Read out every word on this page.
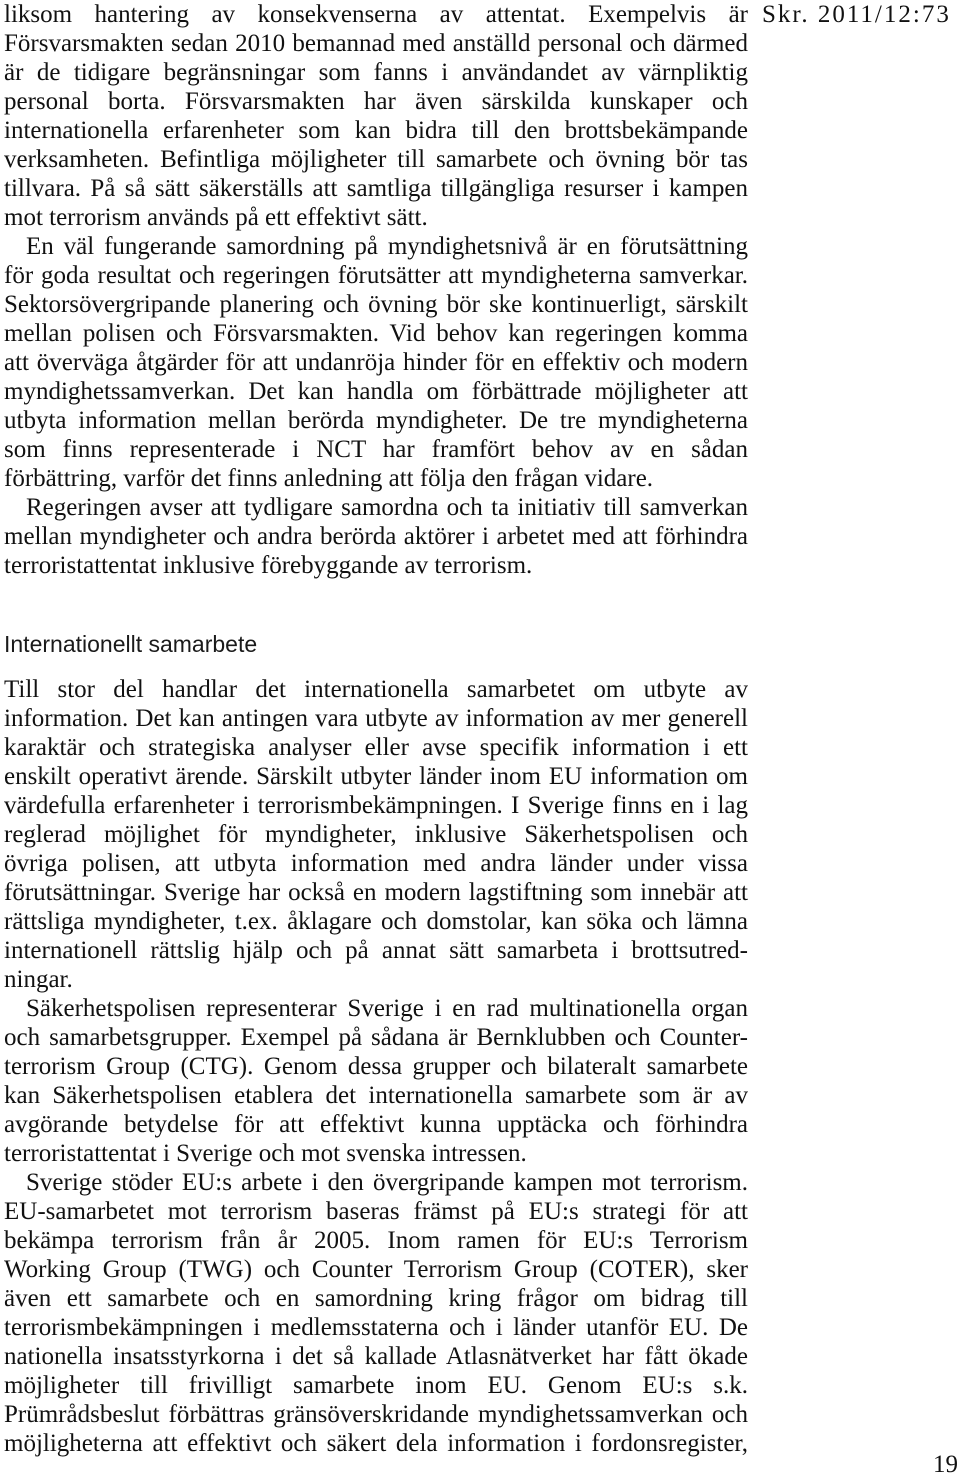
Skr. 2011/12:73
liksom hantering av konsekvenserna av attentat. Exempelvis är
Försvarsmakten sedan 2010 bemannad med anställd personal och därmed
är de tidigare begränsningar som fanns i användandet av värnpliktig
personal borta. Försvarsmakten har även särskilda kunskaper och
internationella erfarenheter som kan bidra till den brottsbekämpande
verksamheten. Befintliga möjligheter till samarbete och övning bör tas
tillvara. På så sätt säkerställs att samtliga tillgängliga resurser i kampen
mot terrorism används på ett effektivt sätt.
En väl fungerande samordning på myndighetsnivå är en förutsättning
för goda resultat och regeringen förutsätter att myndigheterna samverkar.
Sektorsövergripande planering och övning bör ske kontinuerligt, särskilt
mellan polisen och Försvarsmakten. Vid behov kan regeringen komma
att överväga åtgärder för att undanröja hinder för en effektiv och modern
myndighetssamverkan. Det kan handla om förbättrade möjligheter att
utbyta information mellan berörda myndigheter. De tre myndigheterna
som finns representerade i NCT har framfört behov av en sådan
förbättring, varför det finns anledning att följa den frågan vidare.
Regeringen avser att tydligare samordna och ta initiativ till samverkan
mellan myndigheter och andra berörda aktörer i arbetet med att förhindra
terroristattentat inklusive förebyggande av terrorism.
Internationellt samarbete
Till stor del handlar det internationella samarbetet om utbyte av
information. Det kan antingen vara utbyte av information av mer generell
karaktär och strategiska analyser eller avse specifik information i ett
enskilt operativt ärende. Särskilt utbyter länder inom EU information om
värdefulla erfarenheter i terrorismbekämpningen. I Sverige finns en i lag
reglerad möjlighet för myndigheter, inklusive Säkerhetspolisen och
övriga polisen, att utbyta information med andra länder under vissa
förutsättningar. Sverige har också en modern lagstiftning som innebär att
rättsliga myndigheter, t.ex. åklagare och domstolar, kan söka och lämna
internationell rättslig hjälp och på annat sätt samarbeta i brottsutred-
ningar.
Säkerhetspolisen representerar Sverige i en rad multinationella organ
och samarbetsgrupper. Exempel på sådana är Bernklubben och Counter-
terrorism Group (CTG). Genom dessa grupper och bilateralt samarbete
kan Säkerhetspolisen etablera det internationella samarbete som är av
avgörande betydelse för att effektivt kunna upptäcka och förhindra
terroristattentat i Sverige och mot svenska intressen.
Sverige stöder EU:s arbete i den övergripande kampen mot terrorism.
EU-samarbetet mot terrorism baseras främst på EU:s strategi för att
bekämpa terrorism från år 2005. Inom ramen för EU:s Terrorism
Working Group (TWG) och Counter Terrorism Group (COTER), sker
även ett samarbete och en samordning kring frågor om bidrag till
terrorismbekämpningen i medlemsstaterna och i länder utanför EU. De
nationella insatsstyrkorna i det så kallade Atlasnätverket har fått ökade
möjligheter till frivilligt samarbete inom EU. Genom EU:s s.k.
Prümrådsbeslut förbättras gränsöverskridande myndighetssamverkan och
möjligheterna att effektivt och säkert dela information i fordonsregister,
19
